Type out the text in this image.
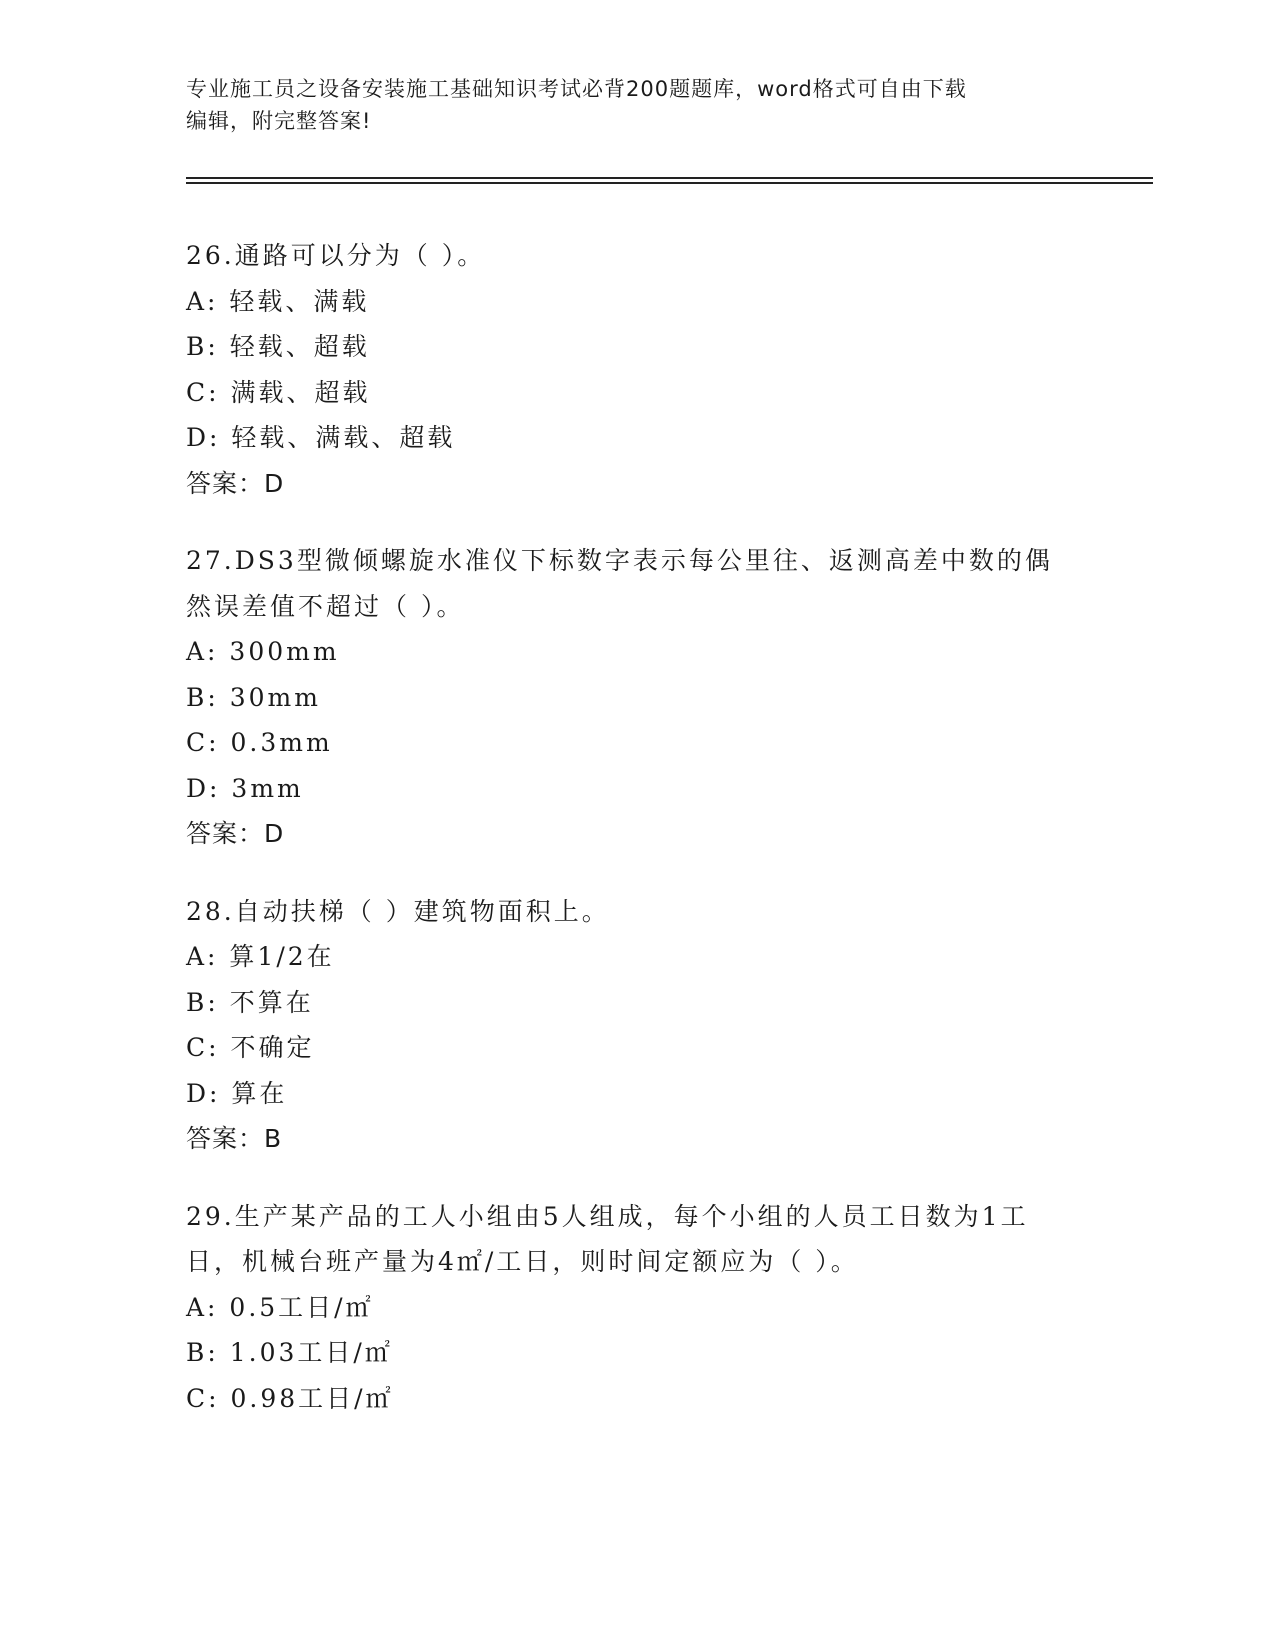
专业施工员之设备安装施工基础知识考试必背200题题库，word格式可自由下载
编辑，附完整答案!
26.通路可以分为（ ）。
A: 轻载、满载
B: 轻载、超载
C: 满载、超载
D: 轻载、满载、超载
答案：D
27.DS3型微倾螺旋水准仪下标数字表示每公里往、返测高差中数的偶
然误差值不超过（ ）。
A: 300mm
B: 30mm
C: 0.3mm
D: 3mm
答案：D
28.自动扶梯（ ）建筑物面积上。
A: 算1/2在
B: 不算在
C: 不确定
D: 算在
答案：B
29.生产某产品的工人小组由5人组成，每个小组的人员工日数为1工
日，机械台班产量为4㎡/工日，则时间定额应为（ ）。
A: 0.5工日/㎡
B: 1.03工日/㎡
C: 0.98工日/㎡
